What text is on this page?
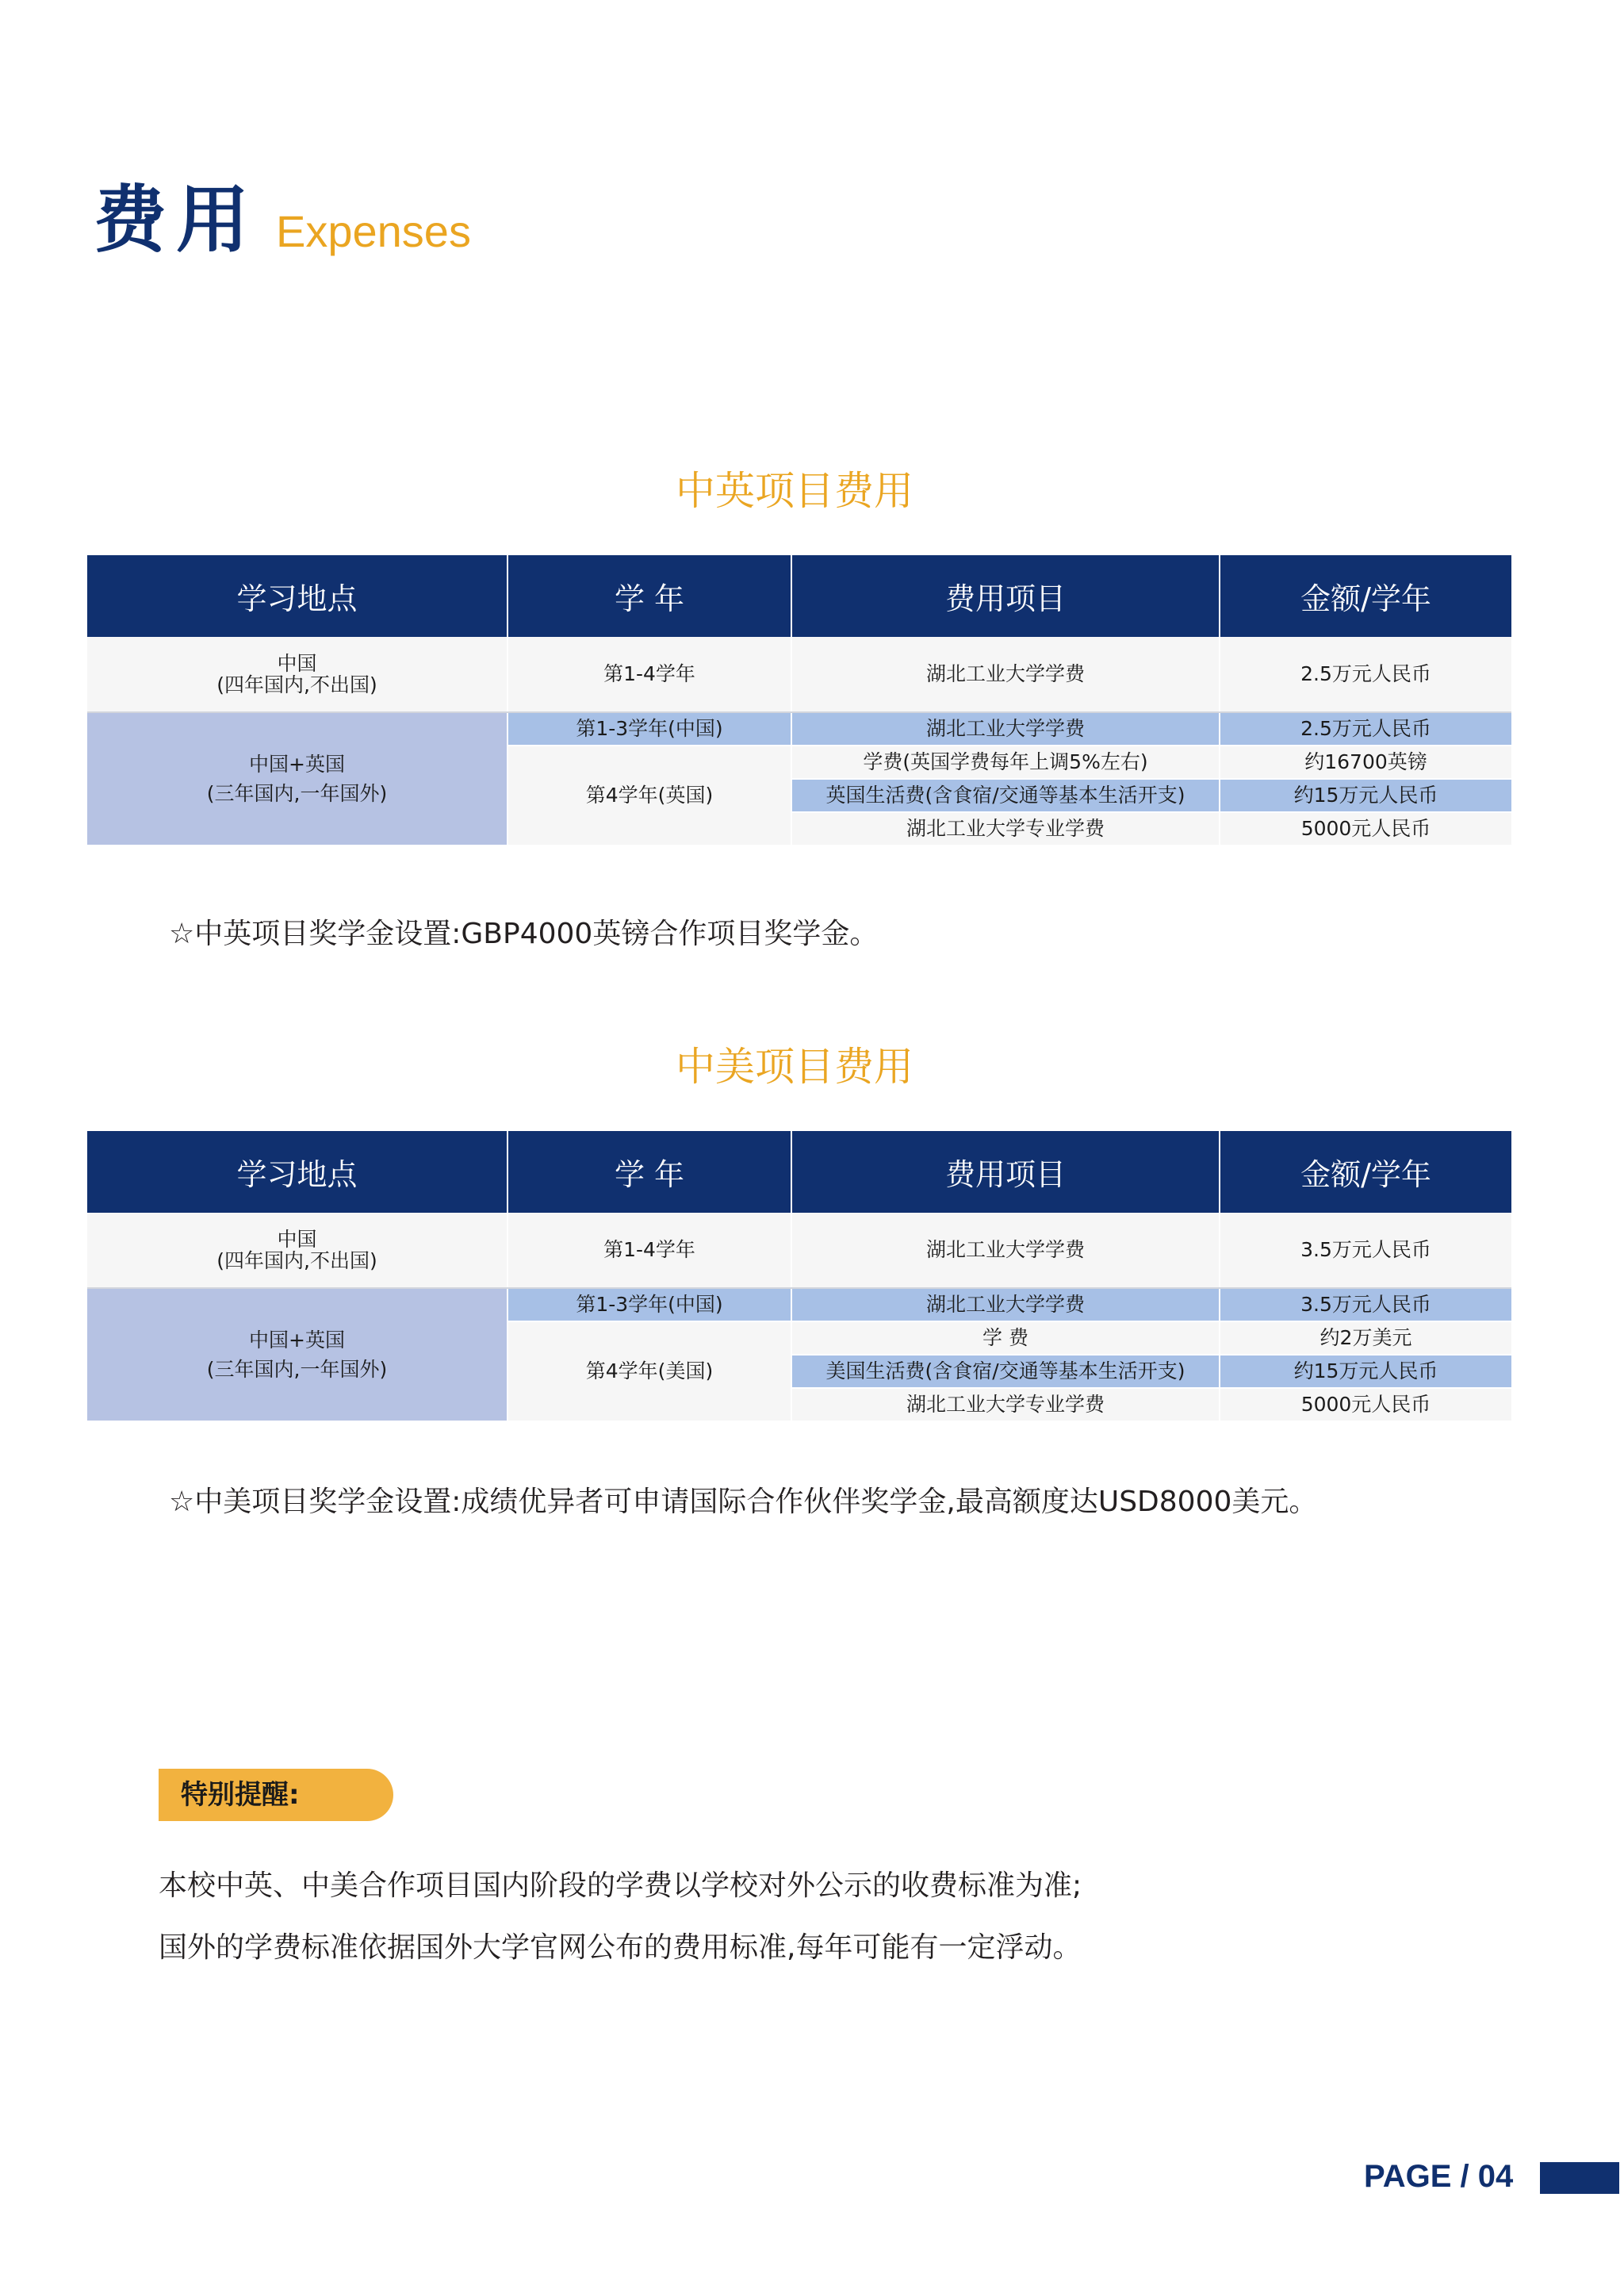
费用 Expenses
中英项目费用
学习地点	学 年	费用项目	金额/学年

中国
(四年国内,不出国)	第1-4学年	湖北工业大学学费	2.5万元人民币

中国+英国
(三年国内,一年国外)	第1-3学年(中国)	湖北工业大学学费	2.5万元人民币
	第4学年(英国)	学费(英国学费每年上调5%左右)	约16700英镑
		英国生活费(含食宿/交通等基本生活开支)	约15万元人民币
		湖北工业大学专业学费	5000元人民币
☆中英项目奖学金设置:GBP4000英镑合作项目奖学金。
中美项目费用
学习地点	学 年	费用项目	金额/学年

中国
(四年国内,不出国)	第1-4学年	湖北工业大学学费	3.5万元人民币

中国+英国
(三年国内,一年国外)	第1-3学年(中国)	湖北工业大学学费	3.5万元人民币
	第4学年(美国)	学 费	约2万美元
		美国生活费(含食宿/交通等基本生活开支)	约15万元人民币
		湖北工业大学专业学费	5000元人民币
☆中美项目奖学金设置:成绩优异者可申请国际合作伙伴奖学金,最高额度达USD8000美元。
特别提醒:
本校中英、中美合作项目国内阶段的学费以学校对外公示的收费标准为准;
国外的学费标准依据国外大学官网公布的费用标准,每年可能有一定浮动。
PAGE / 04
